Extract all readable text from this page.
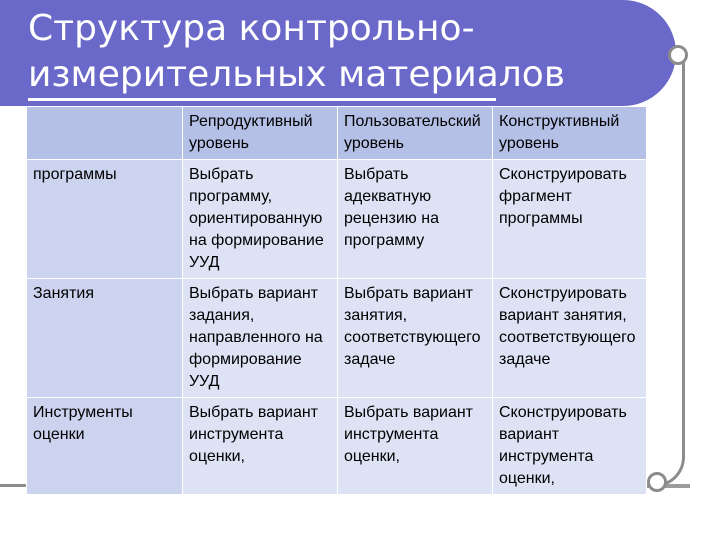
Структура контрольно-
измерительных материалов
	Репродуктивный уровень	Пользовательский уровень	Конструктивный уровень
программы	Выбрать программу, ориентированную на формирование УУД	Выбрать адекватную рецензию на программу	Сконструировать фрагмент программы
Занятия	Выбрать вариант задания, направленного на формирование УУД	Выбрать вариант занятия, соответствующего задаче	Сконструировать вариант занятия, соответствующего задаче
Инструменты оценки	Выбрать вариант инструмента оценки,	Выбрать вариант инструмента оценки,	Сконструировать вариант инструмента оценки,
